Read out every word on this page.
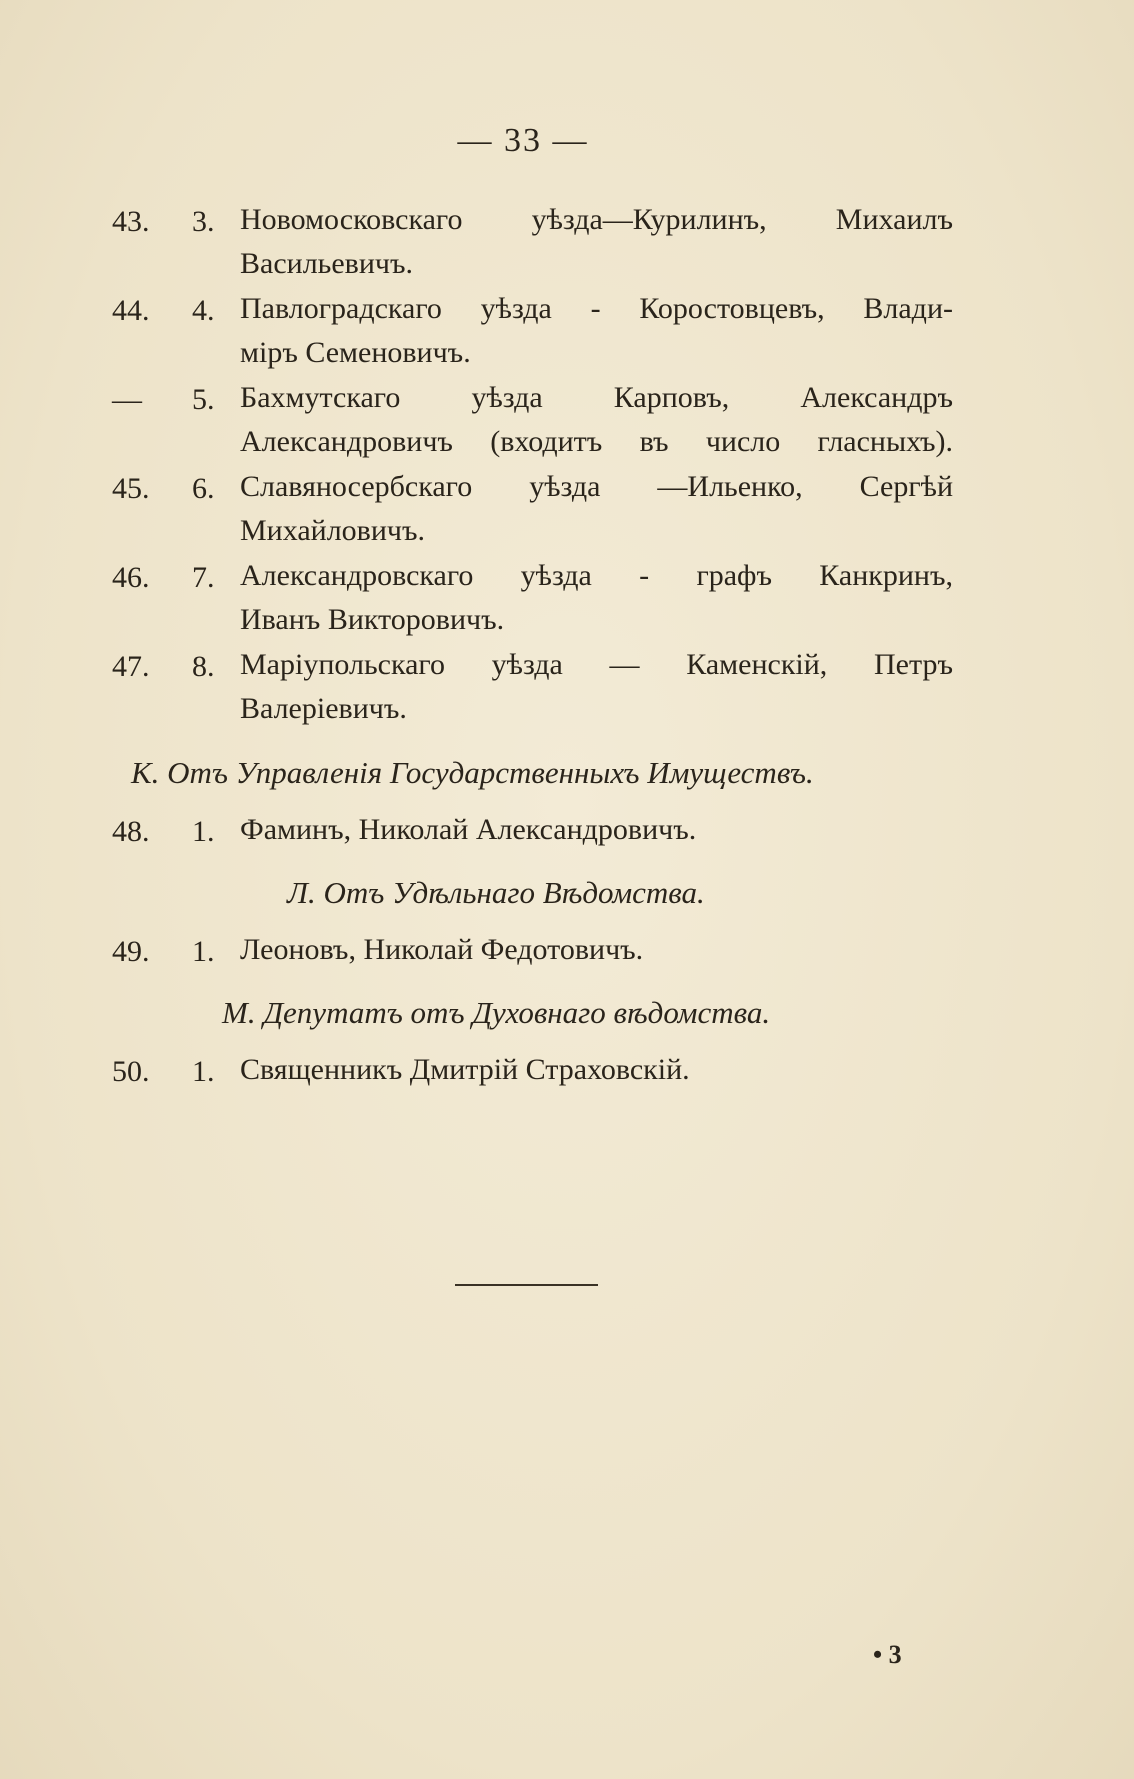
— 33 —
43.	3. Новомосковскаго уѣзда—Курилинъ, Михаилъ
Васильевичъ.
44.	4. Павлоградскаго уѣзда - Коростовцевъ, Влади-
міръ Семеновичъ.
—	5. Бахмутскаго уѣзда Карповъ, Александръ
Александровичъ (входитъ въ число гласныхъ).
45.	6. Славяносербскаго уѣзда —Ильенко, Сергѣй
Михайловичъ.
46.	7. Александровскаго уѣзда - графъ Канкринъ,
Иванъ Викторовичъ.
47.	8. Маріупольскаго уѣзда — Каменскій, Петръ
Валеріевичъ.
К. Отъ Управленія Государственныхъ Имуществъ.
48.	1. Фаминъ, Николай Александровичъ.
Л. Отъ Удѣльнаго Вѣдомства.
49.	1. Леоновъ, Николай Федотовичъ.
М. Депутатъ отъ Духовнаго вѣдомства.
50.	1. Священникъ Дмитрій Страховскій.
• 3
